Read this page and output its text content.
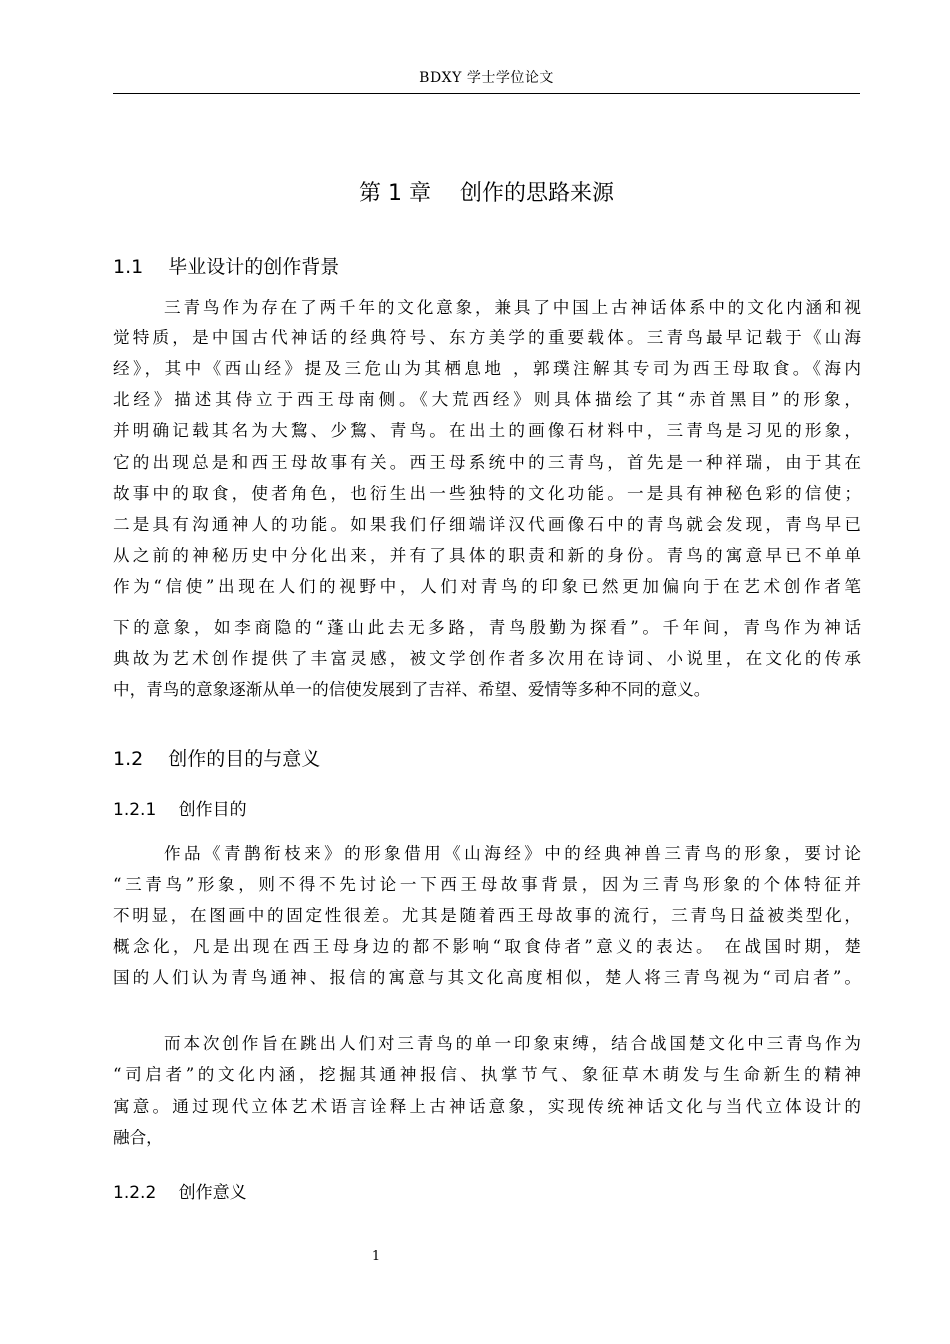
BDXY 学士学位论文
第 1 章　 创作的思路来源
1.1　 毕业设计的创作背景
三青鸟作为存在了两千年的文化意象，兼具了中国上古神话体系中的文化内涵和视
觉特质，是中国古代神话的经典符号、东方美学的重要载体。三青鸟最早记载于《山海
经》，其中《西山经》提及三危山为其栖息地 ，郭璞注解其专司为西王母取食。《海内
北经》描述其侍立于西王母南侧。《大荒西经》则具体描绘了其“赤首黑目”的形象，
并明确记载其名为大鵹、少鵹、青鸟。在出土的画像石材料中，三青鸟是习见的形象，
它的出现总是和西王母故事有关。西王母系统中的三青鸟，首先是一种祥瑞，由于其在
故事中的取食，使者角色，也衍生出一些独特的文化功能。一是具有神秘色彩的信使；
二是具有沟通神人的功能。如果我们仔细端详汉代画像石中的青鸟就会发现，青鸟早已
从之前的神秘历史中分化出来，并有了具体的职责和新的身份。青鸟的寓意早已不单单
作为“信使”出现在人们的视野中，人们对青鸟的印象已然更加偏向于在艺术创作者笔
下的意象，如李商隐的“蓬山此去无多路，青鸟殷勤为探看”。千年间，青鸟作为神话
典故为艺术创作提供了丰富灵感，被文学创作者多次用在诗词、小说里，在文化的传承
中，青鸟的意象逐渐从单一的信使发展到了吉祥、希望、爱情等多种不同的意义。
1.2　 创作的目的与意义
1.2.1　 创作目的
作品《青鹊衔枝来》的形象借用《山海经》中的经典神兽三青鸟的形象，要讨论
“三青鸟”形象，则不得不先讨论一下西王母故事背景，因为三青鸟形象的个体特征并
不明显，在图画中的固定性很差。尤其是随着西王母故事的流行，三青鸟日益被类型化，
概念化，凡是出现在西王母身边的都不影响“取食侍者”意义的表达。 在战国时期，楚
国的人们认为青鸟通神、报信的寓意与其文化高度相似，楚人将三青鸟视为“司启者”。
而本次创作旨在跳出人们对三青鸟的单一印象束缚，结合战国楚文化中三青鸟作为
“司启者”的文化内涵，挖掘其通神报信、执掌节气、象征草木萌发与生命新生的精神
寓意。通过现代立体艺术语言诠释上古神话意象，实现传统神话文化与当代立体设计的
融合，
1.2.2　 创作意义
1
